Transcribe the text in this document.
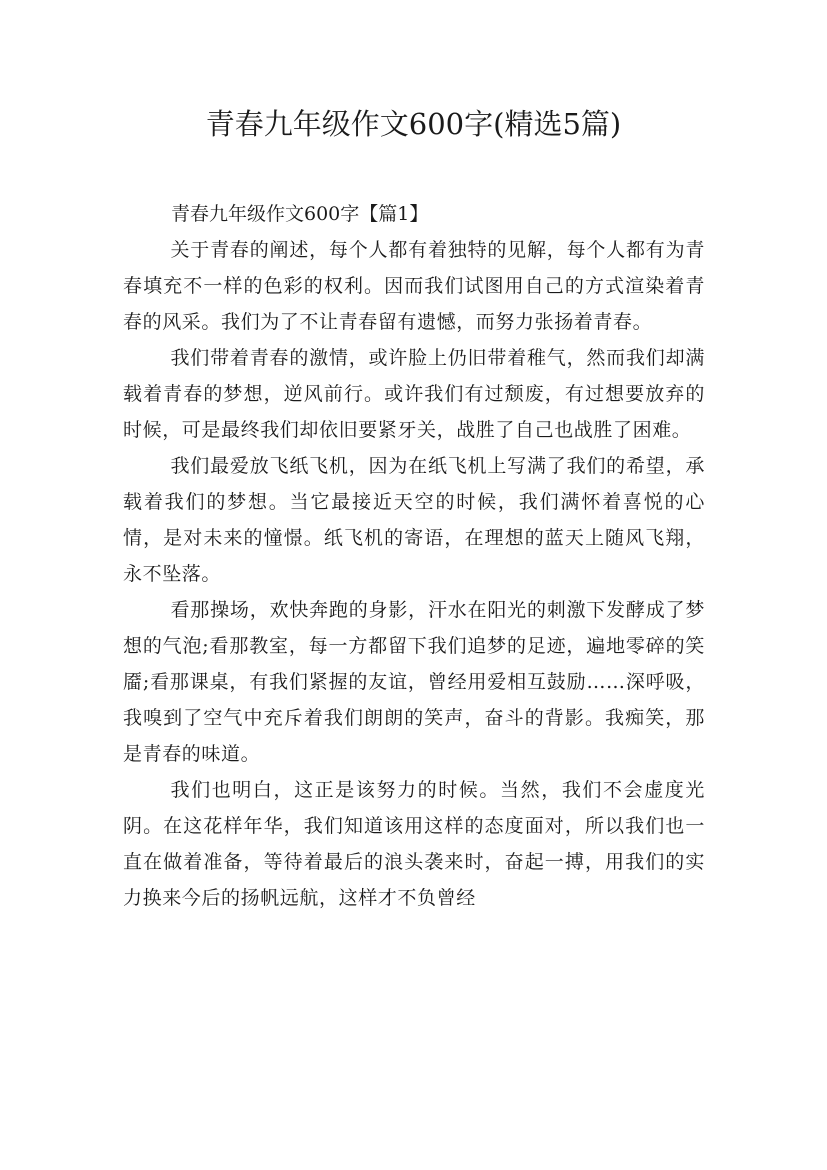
青春九年级作文600字(精选5篇)

青春九年级作文600字【篇1】

关于青春的阐述，每个人都有着独特的见解，每个人都有为青春填充不一样的色彩的权利。因而我们试图用自己的方式渲染着青春的风采。我们为了不让青春留有遗憾，而努力张扬着青春。

我们带着青春的激情，或许脸上仍旧带着稚气，然而我们却满载着青春的梦想，逆风前行。或许我们有过颓废，有过想要放弃的时候，可是最终我们却依旧要紧牙关，战胜了自己也战胜了困难。

我们最爱放飞纸飞机，因为在纸飞机上写满了我们的希望，承载着我们的梦想。当它最接近天空的时候，我们满怀着喜悦的心情，是对未来的憧憬。纸飞机的寄语，在理想的蓝天上随风飞翔，永不坠落。

看那操场，欢快奔跑的身影，汗水在阳光的刺激下发酵成了梦想的气泡;看那教室，每一方都留下我们追梦的足迹，遍地零碎的笑靥;看那课桌，有我们紧握的友谊，曾经用爱相互鼓励……深呼吸，我嗅到了空气中充斥着我们朗朗的笑声，奋斗的背影。我痴笑，那是青春的味道。

我们也明白，这正是该努力的时候。当然，我们不会虚度光阴。在这花样年华，我们知道该用这样的态度面对，所以我们也一直在做着准备，等待着最后的浪头袭来时，奋起一搏，用我们的实力换来今后的扬帆远航，这样才不负曾经
